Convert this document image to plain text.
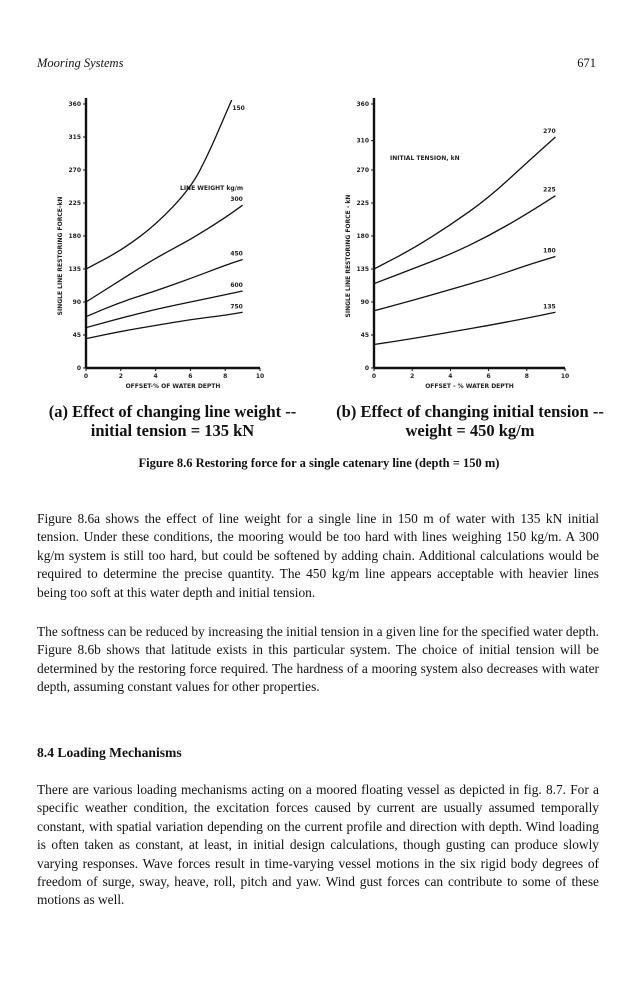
Mooring Systems	671
0
45
90
135
180
225
270
315
360
0	2	4	6	8	10
OFFSET-% OF WATER DEPTH
SINGLE LINE RESTORING FORCE-kN
LINE WEIGHT kg/m
150
300
450
600
750
0
45
90
135
180
225
270
310
360
0	2	4	6	8	10
OFFSET - % WATER DEPTH
SINGLE LINE RESTORING FORCE - kN
INITIAL TENSION, kN
270
225
180
135
(a) Effect of changing line weight --
initial tension = 135 kN
(b) Effect of changing initial tension --
weight = 450 kg/m
Figure 8.6 Restoring force for a single catenary line (depth = 150 m)

Figure 8.6a shows the effect of line weight for a single line in 150 m of water with 135 kN initial tension. Under these conditions, the mooring would be too hard with lines weighing 150 kg/m. A 300 kg/m system is still too hard, but could be softened by adding chain. Additional calculations would be required to determine the precise quantity. The 450 kg/m line appears acceptable with heavier lines being too soft at this water depth and initial tension.

The softness can be reduced by increasing the initial tension in a given line for the specified water depth. Figure 8.6b shows that latitude exists in this particular system. The choice of initial tension will be determined by the restoring force required. The hardness of a mooring system also decreases with water depth, assuming constant values for other properties.

8.4 Loading Mechanisms

There are various loading mechanisms acting on a moored floating vessel as depicted in fig. 8.7. For a specific weather condition, the excitation forces caused by current are usually assumed temporally constant, with spatial variation depending on the current profile and direction with depth. Wind loading is often taken as constant, at least, in initial design calculations, though gusting can produce slowly varying responses. Wave forces result in time-varying vessel motions in the six rigid body degrees of freedom of surge, sway, heave, roll, pitch and yaw. Wind gust forces can contribute to some of these motions as well.
